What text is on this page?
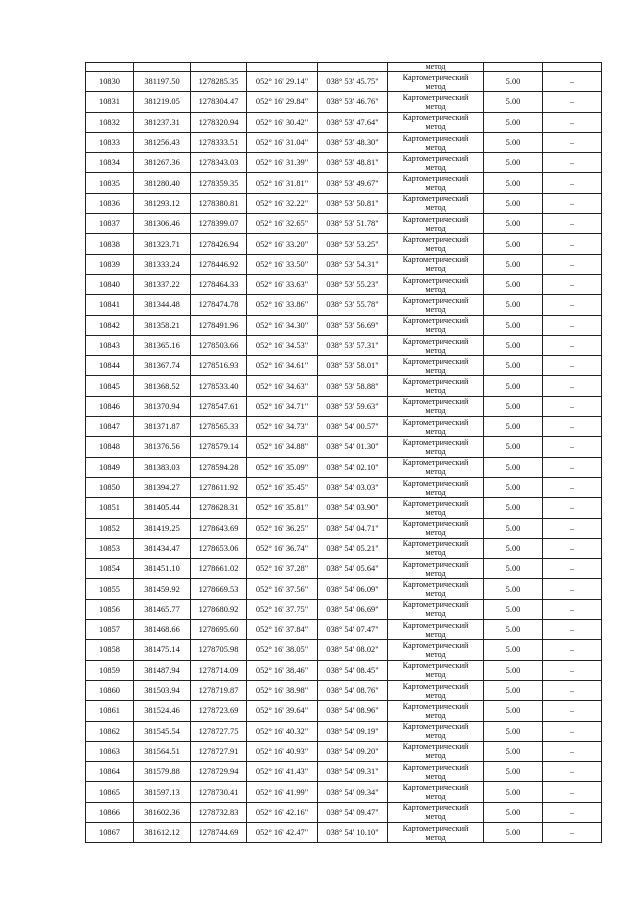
					метод		
10830	381197.50	1278285.35	052° 16' 29.14"	038° 53' 45.75"	Картометрический
метод	5.00	–
10831	381219.05	1278304.47	052° 16' 29.84"	038° 53' 46.76"	Картометрический
метод	5.00	–
10832	381237.31	1278320.94	052° 16' 30.42"	038° 53' 47.64"	Картометрический
метод	5.00	–
10833	381256.43	1278333.51	052° 16' 31.04"	038° 53' 48.30"	Картометрический
метод	5.00	–
10834	381267.36	1278343.03	052° 16' 31.39"	038° 53' 48.81"	Картометрический
метод	5.00	–
10835	381280.40	1278359.35	052° 16' 31.81"	038° 53' 49.67"	Картометрический
метод	5.00	–
10836	381293.12	1278380.81	052° 16' 32.22"	038° 53' 50.81"	Картометрический
метод	5.00	–
10837	381306.46	1278399.07	052° 16' 32.65"	038° 53' 51.78"	Картометрический
метод	5.00	–
10838	381323.71	1278426.94	052° 16' 33.20"	038° 53' 53.25"	Картометрический
метод	5.00	–
10839	381333.24	1278446.92	052° 16' 33.50"	038° 53' 54.31"	Картометрический
метод	5.00	–
10840	381337.22	1278464.33	052° 16' 33.63"	038° 53' 55.23"	Картометрический
метод	5.00	–
10841	381344.48	1278474.78	052° 16' 33.86"	038° 53' 55.78"	Картометрический
метод	5.00	–
10842	381358.21	1278491.96	052° 16' 34.30"	038° 53' 56.69"	Картометрический
метод	5.00	–
10843	381365.16	1278503.66	052° 16' 34.53"	038° 53' 57.31"	Картометрический
метод	5.00	–
10844	381367.74	1278516.93	052° 16' 34.61"	038° 53' 58.01"	Картометрический
метод	5.00	–
10845	381368.52	1278533.40	052° 16' 34.63"	038° 53' 58.88"	Картометрический
метод	5.00	–
10846	381370.94	1278547.61	052° 16' 34.71"	038° 53' 59.63"	Картометрический
метод	5.00	–
10847	381371.87	1278565.33	052° 16' 34.73"	038° 54' 00.57"	Картометрический
метод	5.00	–
10848	381376.56	1278579.14	052° 16' 34.88"	038° 54' 01.30"	Картометрический
метод	5.00	–
10849	381383.03	1278594.28	052° 16' 35.09"	038° 54' 02.10"	Картометрический
метод	5.00	–
10850	381394.27	1278611.92	052° 16' 35.45"	038° 54' 03.03"	Картометрический
метод	5.00	–
10851	381405.44	1278628.31	052° 16' 35.81"	038° 54' 03.90"	Картометрический
метод	5.00	–
10852	381419.25	1278643.69	052° 16' 36.25"	038° 54' 04.71"	Картометрический
метод	5.00	–
10853	381434.47	1278653.06	052° 16' 36.74"	038° 54' 05.21"	Картометрический
метод	5.00	–
10854	381451.10	1278661.02	052° 16' 37.28"	038° 54' 05.64"	Картометрический
метод	5.00	–
10855	381459.92	1278669.53	052° 16' 37.56"	038° 54' 06.09"	Картометрический
метод	5.00	–
10856	381465.77	1278680.92	052° 16' 37.75"	038° 54' 06.69"	Картометрический
метод	5.00	–
10857	381468.66	1278695.60	052° 16' 37.84"	038° 54' 07.47"	Картометрический
метод	5.00	–
10858	381475.14	1278705.98	052° 16' 38.05"	038° 54' 08.02"	Картометрический
метод	5.00	–
10859	381487.94	1278714.09	052° 16' 38.46"	038° 54' 08.45"	Картометрический
метод	5.00	–
10860	381503.94	1278719.87	052° 16' 38.98"	038° 54' 08.76"	Картометрический
метод	5.00	–
10861	381524.46	1278723.69	052° 16' 39.64"	038° 54' 08.96"	Картометрический
метод	5.00	–
10862	381545.54	1278727.75	052° 16' 40.32"	038° 54' 09.19"	Картометрический
метод	5.00	–
10863	381564.51	1278727.91	052° 16' 40.93"	038° 54' 09.20"	Картометрический
метод	5.00	–
10864	381579.88	1278729.94	052° 16' 41.43"	038° 54' 09.31"	Картометрический
метод	5.00	–
10865	381597.13	1278730.41	052° 16' 41.99"	038° 54' 09.34"	Картометрический
метод	5.00	–
10866	381602.36	1278732.83	052° 16' 42.16"	038° 54' 09.47"	Картометрический
метод	5.00	–
10867	381612.12	1278744.69	052° 16' 42.47"	038° 54' 10.10"	Картометрический
метод	5.00	–
